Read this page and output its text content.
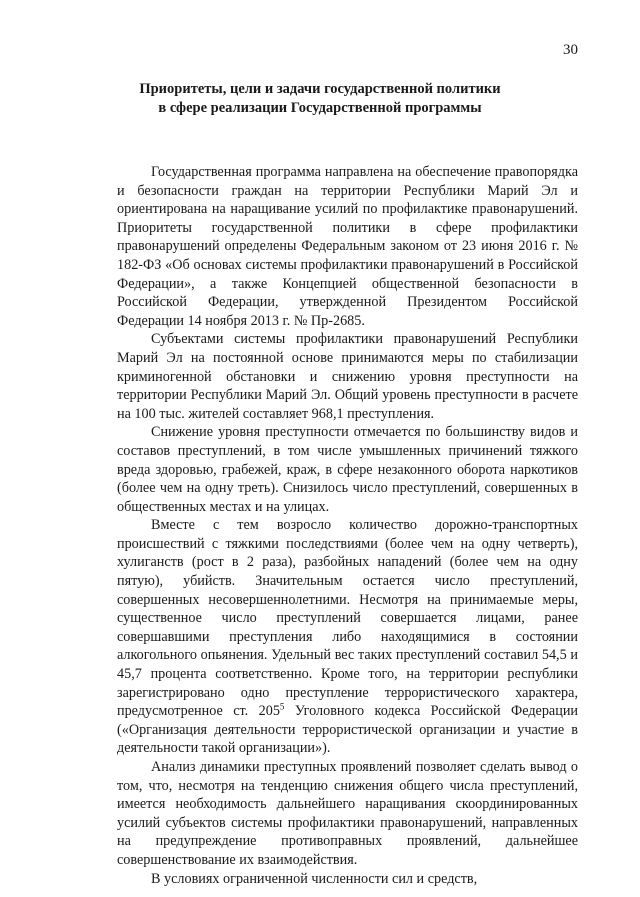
30
Приоритеты, цели и задачи государственной политики
в сфере реализации Государственной программы

Государственная программа направлена на обеспечение правопорядка и безопасности граждан на территории Республики Марий Эл и ориентирована на наращивание усилий по профилактике правонарушений. Приоритеты государственной политики в сфере профилактики правонарушений определены Федеральным законом от 23 июня 2016 г. № 182-ФЗ «Об основах системы профилактики правонарушений в Российской Федерации», а также Концепцией общественной безопасности в Российской Федерации, утвержденной Президентом Российской Федерации 14 ноября 2013 г. № Пр-2685.

Субъектами системы профилактики правонарушений Республики Марий Эл на постоянной основе принимаются меры по стабилизации криминогенной обстановки и снижению уровня преступности на территории Республики Марий Эл. Общий уровень преступности в расчете на 100 тыс. жителей составляет 968,1 преступления.

Снижение уровня преступности отмечается по большинству видов и составов преступлений, в том числе умышленных причинений тяжкого вреда здоровью, грабежей, краж, в сфере незаконного оборота наркотиков (более чем на одну треть). Снизилось число преступлений, совершенных в общественных местах и на улицах.

Вместе с тем возросло количество дорожно-транспортных происшествий с тяжкими последствиями (более чем на одну четверть), хулиганств (рост в 2 раза), разбойных нападений (более чем на одну пятую), убийств. Значительным остается число преступлений, совершенных несовершеннолетними. Несмотря на принимаемые меры, существенное число преступлений совершается лицами, ранее совершавшими преступления либо находящимися в состоянии алкогольного опьянения. Удельный вес таких преступлений составил 54,5 и 45,7 процента соответственно. Кроме того, на территории республики зарегистрировано одно преступление террористического характера, предусмотренное ст. $205^5$ Уголовного кодекса Российской Федерации («Организация деятельности террористической организации и участие в деятельности такой организации»).

Анализ динамики преступных проявлений позволяет сделать вывод о том, что, несмотря на тенденцию снижения общего числа преступлений, имеется необходимость дальнейшего наращивания скоординированных усилий субъектов системы профилактики правонарушений, направленных на предупреждение противоправных проявлений, дальнейшее совершенствование их взаимодействия.

В условиях ограниченной численности сил и средств,
